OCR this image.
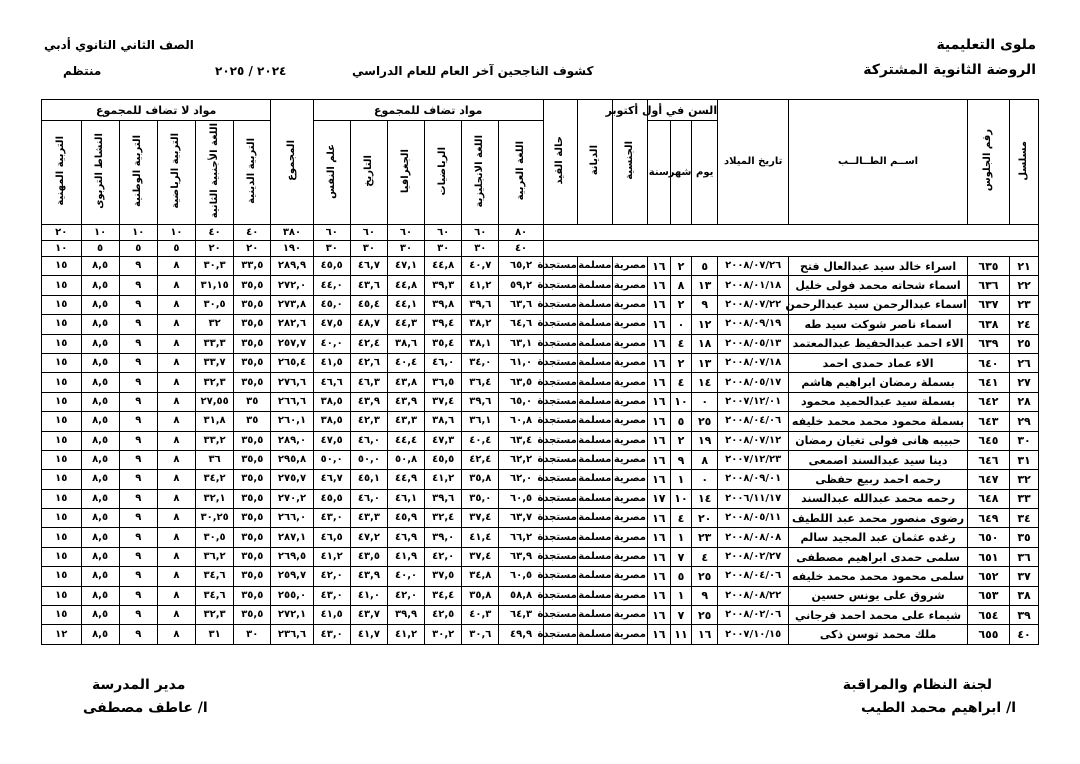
ملوى التعليمية
الروضة الثانوية المشتركة
الصف الثاني الثانوي أدبي
منتظم	٢٠٢٤ / ٢٠٢٥	كشوف الناجحين آخر العام للعام الدراسي
مسلسل	رقم الجلوس	اســم الطــالــب	تاريخ الميلاد	السن في أول أكتوبر			الجنسية	الديانة	حالة القيد	مواد تضاف للمجموع						المجموع	مواد لا تضاف للمجموع					
				يوم	شهر	سنة				اللغة العربية	اللغة الانجليزية	الرياضيات	الجغرافيا	التاريخ	علم النفس		التربية الدينية	اللغة الأجنبية الثانية	التربية الرياضية	التربية الوطنية	النشاط التربوى	التربية المهنية
										٨٠	٦٠	٦٠	٦٠	٦٠	٦٠	٣٨٠	٤٠	٤٠	١٠	١٠	١٠	٢٠
										٤٠	٣٠	٣٠	٣٠	٣٠	٣٠	١٩٠	٢٠	٢٠	٥	٥	٥	١٠
٢١	٦٣٥	اسراء خالد سيد عبدالعال فتح	٢٠٠٨/٠٧/٢٦	٥	٢	١٦	مصرية	مسلمة	مستجدة	٦٥,٢	٤٠,٧	٤٤,٨	٤٧,١	٤٦,٧	٤٥,٥	٢٨٩,٩	٣٣,٥	٣٠,٣	٨	٩	٨,٥	١٥
٢٢	٦٣٦	اسماء شحاته محمد فولى خليل	٢٠٠٨/٠١/١٨	١٣	٨	١٦	مصرية	مسلمة	مستجدة	٥٩,٢	٤١,٢	٣٩,٣	٤٤,٨	٤٣,٦	٤٤,٠	٢٧٢,٠	٣٥,٥	٣١,١٥	٨	٩	٨,٥	١٥
٢٣	٦٣٧	اسماء عبدالرحمن سيد عبدالرحمن	٢٠٠٨/٠٧/٢٢	٩	٢	١٦	مصرية	مسلمة	مستجدة	٦٣,٦	٣٩,٦	٣٩,٨	٤٤,١	٤٥,٤	٤٥,٠	٢٧٣,٨	٣٥,٥	٣٠,٥	٨	٩	٨,٥	١٥
٢٤	٦٣٨	اسماء ناصر شوكت سيد طه	٢٠٠٨/٠٩/١٩	١٢	٠	١٦	مصرية	مسلمة	مستجدة	٦٤,٦	٣٨,٢	٣٩,٤	٤٤,٣	٤٨,٧	٤٧,٥	٢٨٢,٦	٣٥,٥	٣٢	٨	٩	٨,٥	١٥
٢٥	٦٣٩	الاء احمد عبدالحفيظ عبدالمعتمد	٢٠٠٨/٠٥/١٣	١٨	٤	١٦	مصرية	مسلمة	مستجدة	٦٣,١	٣٨,١	٣٥,٤	٣٨,٦	٤٢,٤	٤٠,٠	٢٥٧,٧	٣٥,٥	٣٣,٣	٨	٩	٨,٥	١٥
٢٦	٦٤٠	الاء عماد حمدى احمد	٢٠٠٨/٠٧/١٨	١٣	٢	١٦	مصرية	مسلمة	مستجدة	٦١,٠	٣٤,٠	٤٦,٠	٤٠,٤	٤٢,٦	٤١,٥	٢٦٥,٤	٣٥,٥	٣٣,٧	٨	٩	٨,٥	١٥
٢٧	٦٤١	بسملة رمضان ابراهيم هاشم	٢٠٠٨/٠٥/١٧	١٤	٤	١٦	مصرية	مسلمة	مستجدة	٦٣,٥	٣٦,٤	٣٦,٥	٤٣,٨	٤٦,٣	٤٦,٦	٢٧٦,٦	٣٥,٥	٣٢,٣	٨	٩	٨,٥	١٥
٢٨	٦٤٢	بسملة سيد عبدالحميد محمود	٢٠٠٧/١٢/٠١	٠	١٠	١٦	مصرية	مسلمة	مستجدة	٦٥,٠	٣٩,٦	٣٧,٤	٤٣,٩	٤٣,٩	٣٨,٥	٢٦٦,٦	٣٥	٢٧,٥٥	٨	٩	٨,٥	١٥
٢٩	٦٤٣	بسملة محمود محمد محمد خليفه	٢٠٠٨/٠٤/٠٦	٢٥	٥	١٦	مصرية	مسلمة	مستجدة	٦٠,٨	٣٦,١	٣٨,٦	٤٣,٣	٤٢,٣	٣٨,٥	٢٦٠,١	٣٥	٣١,٨	٨	٩	٨,٥	١٥
٣٠	٦٤٥	حبيبه هانى فولى تغيان رمضان	٢٠٠٨/٠٧/١٢	١٩	٢	١٦	مصرية	مسلمة	مستجدة	٦٣,٤	٤٠,٤	٤٧,٣	٤٤,٤	٤٦,٠	٤٧,٥	٢٨٩,٠	٣٥,٥	٣٣,٢	٨	٩	٨,٥	١٥
٣١	٦٤٦	دينا سيد عبدالسند اصمعى	٢٠٠٧/١٢/٢٣	٨	٩	١٦	مصرية	مسلمة	مستجدة	٦٢,٢	٤٢,٤	٤٥,٥	٥٠,٨	٥٠,٠	٥٠,٠	٢٩٥,٨	٣٥,٥	٣٦	٨	٩	٨,٥	١٥
٣٢	٦٤٧	رحمه احمد ربيع حفظى	٢٠٠٨/٠٩/٠١	٠	١	١٦	مصرية	مسلمة	مستجدة	٦٢,٠	٣٥,٨	٤١,٢	٤٤,٩	٤٥,١	٤٦,٧	٢٧٥,٧	٣٥,٥	٣٤,٢	٨	٩	٨,٥	١٥
٣٣	٦٤٨	رحمه محمد عبدالله عبدالسند	٢٠٠٦/١١/١٧	١٤	١٠	١٧	مصرية	مسلمة	مستجدة	٦٠,٥	٣٥,٠	٣٩,٦	٤٦,١	٤٦,٠	٤٥,٥	٢٧٠,٢	٣٥,٥	٣٢,١	٨	٩	٨,٥	١٥
٣٤	٦٤٩	رضوى منصور محمد عبد اللطيف	٢٠٠٨/٠٥/١١	٢٠	٤	١٦	مصرية	مسلمة	مستجدة	٦٣,٧	٣٧,٤	٣٢,٤	٤٥,٩	٤٣,٣	٤٣,٠	٢٦٦,٠	٣٥,٥	٣٠,٢٥	٨	٩	٨,٥	١٥
٣٥	٦٥٠	رغده عثمان عبد المجيد سالم	٢٠٠٨/٠٨/٠٨	٢٣	١	١٦	مصرية	مسلمة	مستجدة	٦٦,٢	٤١,٤	٣٩,٠	٤٦,٩	٤٧,٢	٤٦,٥	٢٨٧,١	٣٥,٥	٣٠,٥	٨	٩	٨,٥	١٥
٣٦	٦٥١	سلمى حمدى ابراهيم مصطفى	٢٠٠٨/٠٢/٢٧	٤	٧	١٦	مصرية	مسلمة	مستجدة	٦٣,٩	٣٧,٤	٤٢,٠	٤١,٩	٤٣,٥	٤١,٢	٢٦٩,٥	٣٥,٥	٣٦,٢	٨	٩	٨,٥	١٥
٣٧	٦٥٢	سلمى محمود محمد محمد خليفه	٢٠٠٨/٠٤/٠٦	٢٥	٥	١٦	مصرية	مسلمة	مستجدة	٦٠,٥	٣٤,٨	٣٧,٥	٤٠,٠	٤٣,٩	٤٢,٠	٢٥٩,٧	٣٥,٥	٣٤,٦	٨	٩	٨,٥	١٥
٣٨	٦٥٣	شروق على يونس حسين	٢٠٠٨/٠٨/٢٢	٩	١	١٦	مصرية	مسلمة	مستجدة	٥٨,٨	٣٥,٨	٣٤,٤	٤٢,٠	٤١,٠	٤٣,٠	٢٥٥,٠	٣٥,٥	٣٤,٦	٨	٩	٨,٥	١٥
٣٩	٦٥٤	شيماء على محمد احمد فرجاني	٢٠٠٨/٠٢/٠٦	٢٥	٧	١٦	مصرية	مسلمة	مستجدة	٦٤,٣	٤٠,٣	٤٢,٥	٣٩,٩	٤٣,٧	٤١,٥	٢٧٢,١	٣٥,٥	٣٢,٣	٨	٩	٨,٥	١٥
٤٠	٦٥٥	ملك محمد توسن ذكى	٢٠٠٧/١٠/١٥	١٦	١١	١٦	مصرية	مسلمة	مستجدة	٤٩,٩	٣٠,٦	٣٠,٢	٤١,٢	٤١,٧	٤٣,٠	٢٣٦,٦	٣٠	٣١	٨	٩	٨,٥	١٢
لجنة النظام والمراقبة
ا/ ابراهيم محمد الطيب
مدير المدرسة
ا/ عاطف مصطفى
